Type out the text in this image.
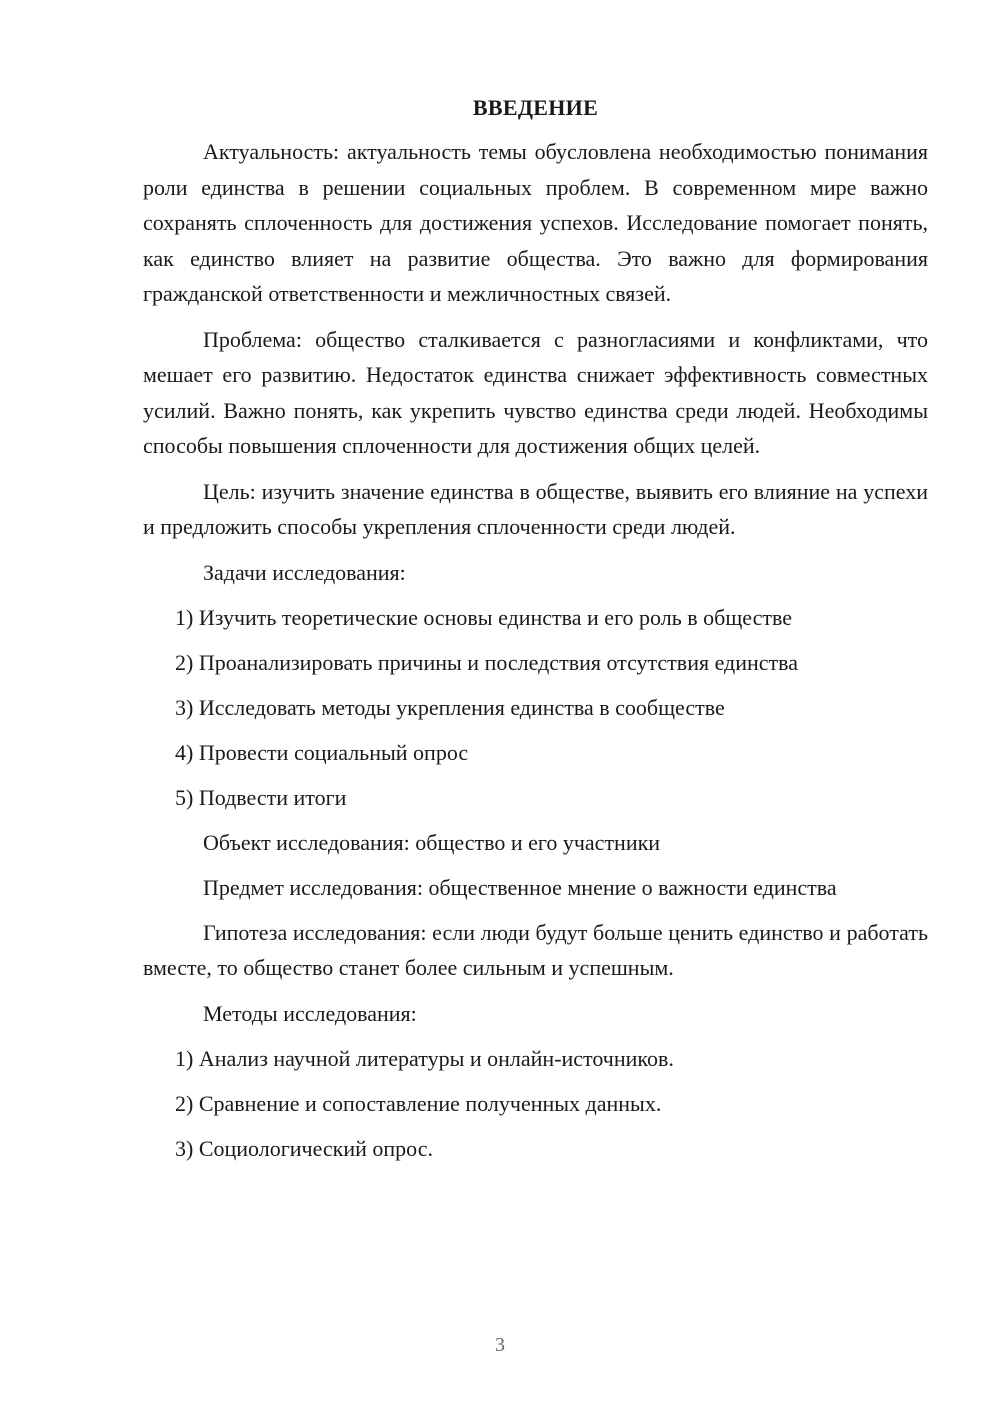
ВВЕДЕНИЕ

Актуальность: актуальность темы обусловлена необходимостью понимания роли единства в решении социальных проблем. В современном мире важно сохранять сплоченность для достижения успехов. Исследование помогает понять, как единство влияет на развитие общества. Это важно для формирования гражданской ответственности и межличностных связей.

Проблема: общество сталкивается с разногласиями и конфликтами, что мешает его развитию. Недостаток единства снижает эффективность совместных усилий. Важно понять, как укрепить чувство единства среди людей. Необходимы способы повышения сплоченности для достижения общих целей.

Цель: изучить значение единства в обществе, выявить его влияние на успехи и предложить способы укрепления сплоченности среди людей.

Задачи исследования:
1) Изучить теоретические основы единства и его роль в обществе
2) Проанализировать причины и последствия отсутствия единства
3) Исследовать методы укрепления единства в сообществе
4) Провести социальный опрос
5) Подвести итоги
Объект исследования: общество и его участники
Предмет исследования: общественное мнение о важности единства

Гипотеза исследования: если люди будут больше ценить единство и работать вместе, то общество станет более сильным и успешным.

Методы исследования:
1) Анализ научной литературы и онлайн-источников.
2) Сравнение и сопоставление полученных данных.
3) Социологический опрос.
3
